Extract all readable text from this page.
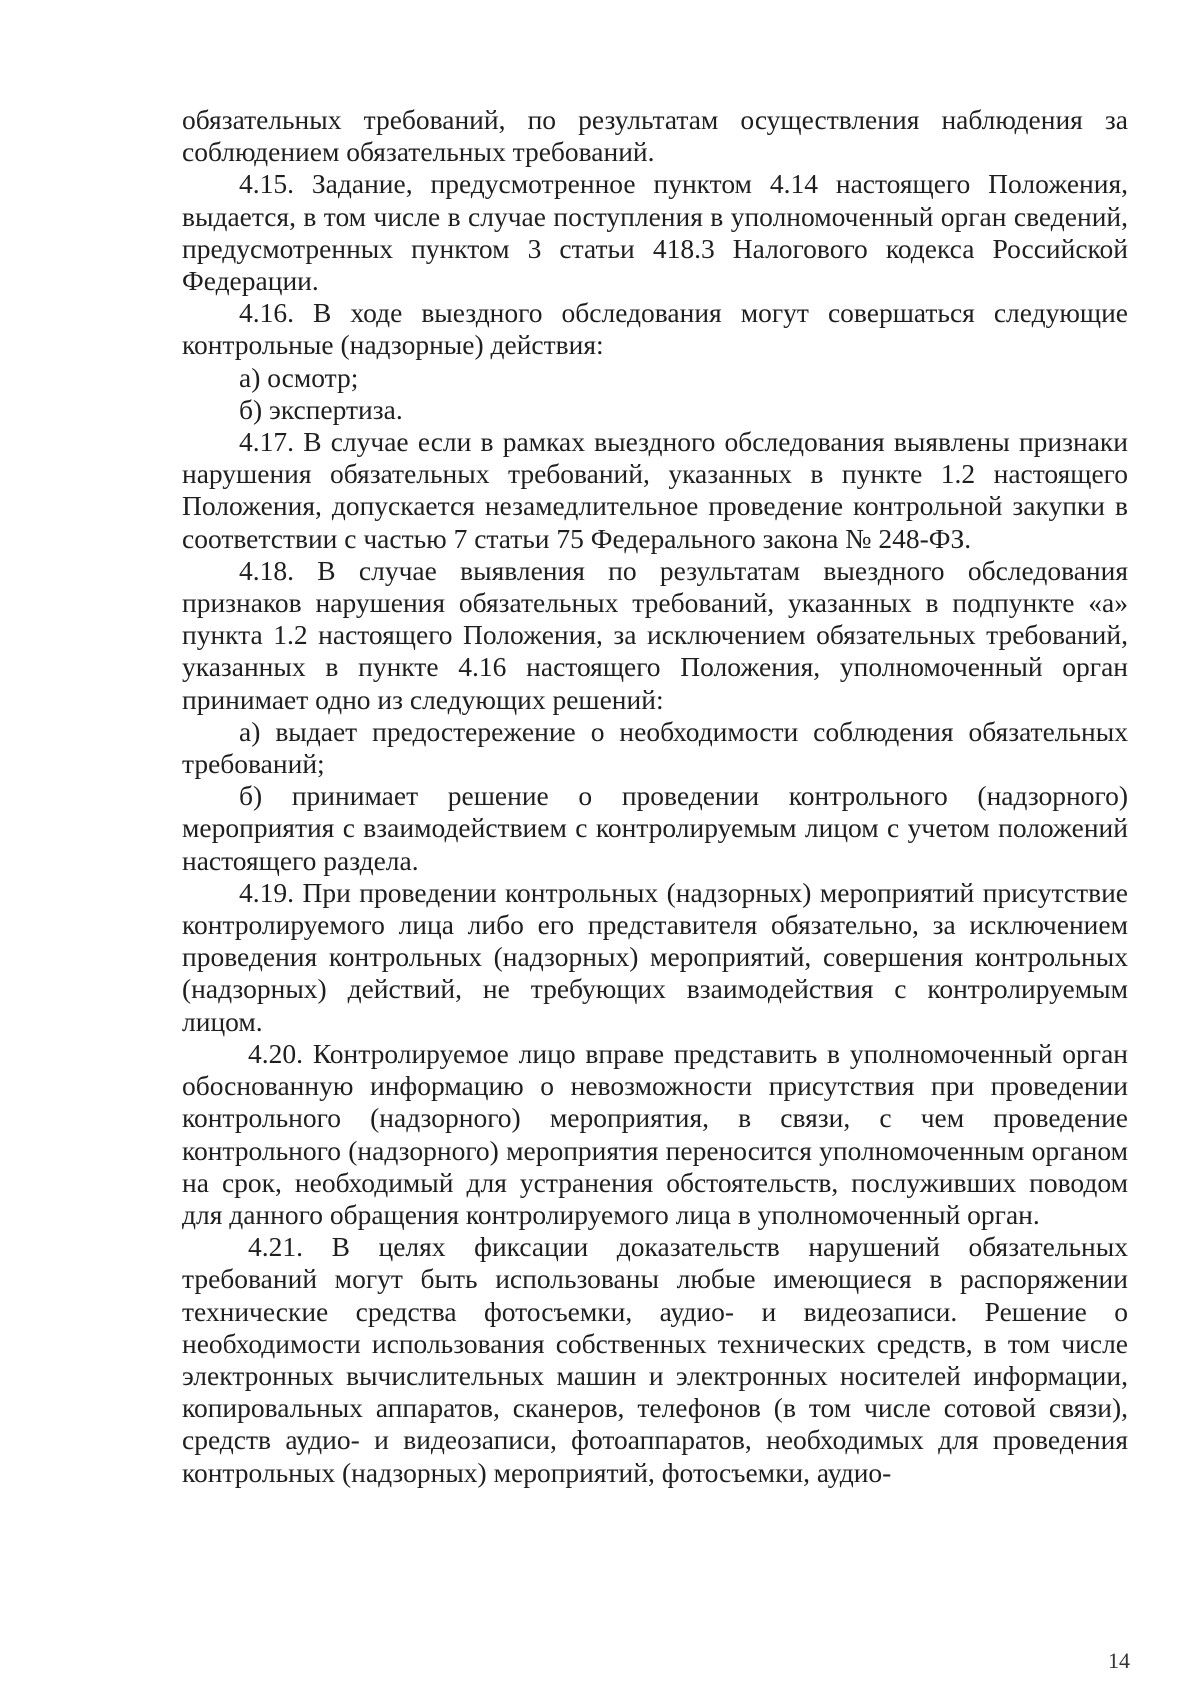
обязательных требований, по результатам осуществления наблюдения за соблюдением обязательных требований.

4.15. Задание, предусмотренное пунктом 4.14 настоящего Положения, выдается, в том числе в случае поступления в уполномоченный орган сведений, предусмотренных пунктом 3 статьи 418.3 Налогового кодекса Российской Федерации.

4.16. В ходе выездного обследования могут совершаться следующие контрольные (надзорные) действия:

а) осмотр;

б) экспертиза.

4.17. В случае если в рамках выездного обследования выявлены признаки нарушения обязательных требований, указанных в пункте 1.2 настоящего Положения, допускается незамедлительное проведение контрольной закупки в соответствии с частью 7 статьи 75 Федерального закона № 248-ФЗ.

4.18. В случае выявления по результатам выездного обследования признаков нарушения обязательных требований, указанных в подпункте «а» пункта 1.2 настоящего Положения, за исключением обязательных требований, указанных в пункте 4.16 настоящего Положения, уполномоченный орган принимает одно из следующих решений:

а) выдает предостережение о необходимости соблюдения обязательных требований;

б) принимает решение о проведении контрольного (надзорного) мероприятия с взаимодействием с контролируемым лицом с учетом положений настоящего раздела.

4.19. При проведении контрольных (надзорных) мероприятий присутствие контролируемого лица либо его представителя обязательно, за исключением проведения контрольных (надзорных) мероприятий, совершения контрольных (надзорных) действий, не требующих взаимодействия с контролируемым лицом.

4.20. Контролируемое лицо вправе представить в уполномоченный орган обоснованную информацию о невозможности присутствия при проведении контрольного (надзорного) мероприятия, в связи, с чем проведение контрольного (надзорного) мероприятия переносится уполномоченным органом на срок, необходимый для устранения обстоятельств, послуживших поводом для данного обращения контролируемого лица в уполномоченный орган.

4.21. В целях фиксации доказательств нарушений обязательных требований могут быть использованы любые имеющиеся в распоряжении технические средства фотосъемки, аудио- и видеозаписи. Решение о необходимости использования собственных технических средств, в том числе электронных вычислительных машин и электронных носителей информации, копировальных аппаратов, сканеров, телефонов (в том числе сотовой связи), средств аудио- и видеозаписи, фотоаппаратов, необходимых для проведения контрольных (надзорных) мероприятий, фотосъемки, аудио-

14
